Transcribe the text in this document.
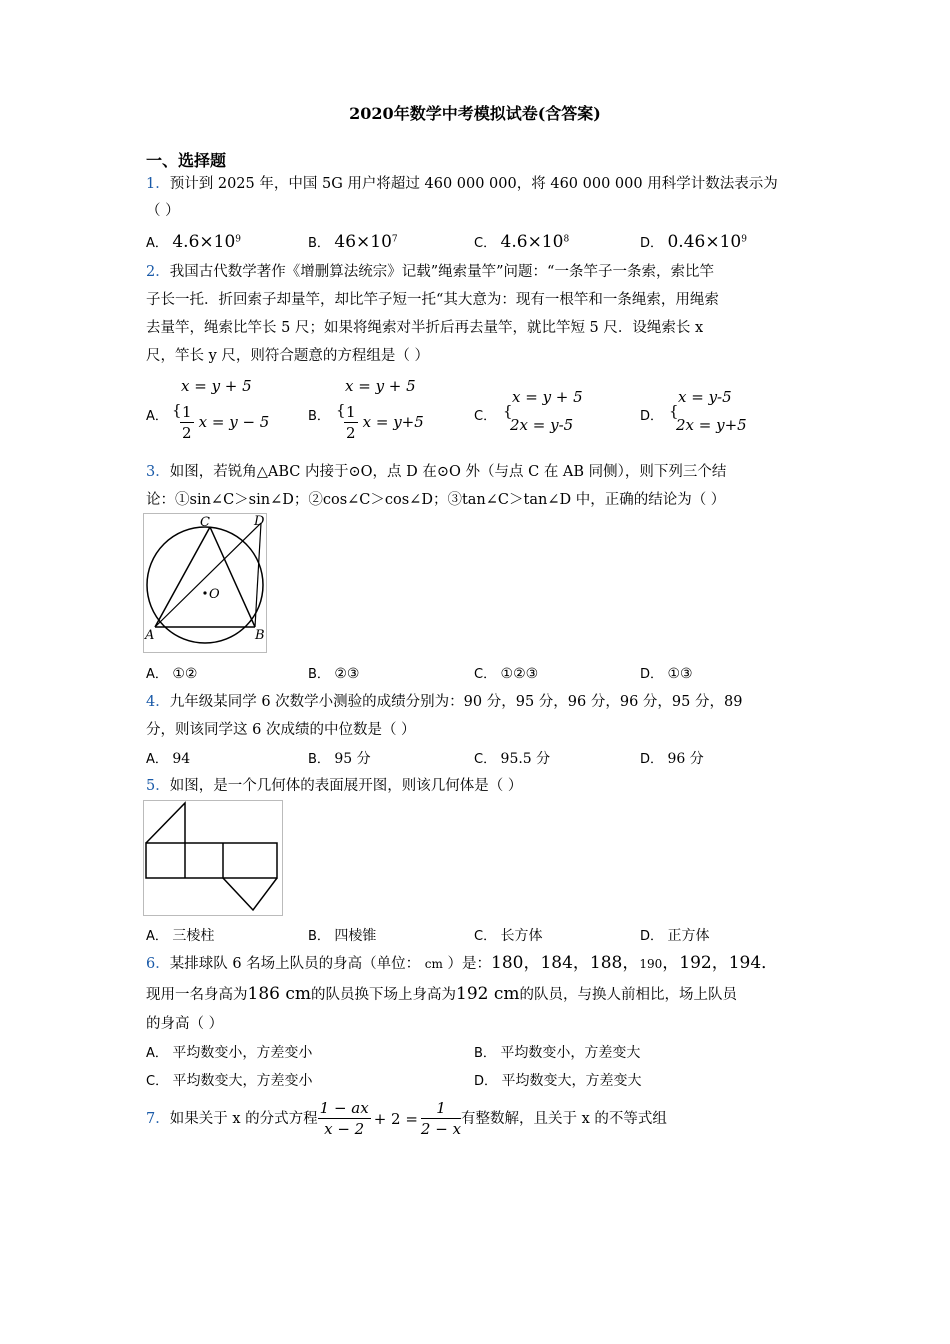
2020年数学中考模拟试卷(含答案)
一、选择题
1．预计到 2025 年，中国 5G 用户将超过 460 000 000，将 460 000 000 用科学计数法表示为
（ ）
A． $4.6\times 10^9$	B． $46\times 10^7$	C． $4.6\times 10^8$	D． $0.46\times 10^9$
2．我国古代数学著作《增删算法统宗》记载”绳索量竿”问题：“一条竿子一条索，索比竿
子长一托．折回索子却量竿，却比竿子短一托“其大意为：现有一根竿和一条绳索，用绳索
去量竿，绳索比竿长 5 尺；如果将绳索对半折后再去量竿，就比竿短 5 尺．设绳索长 x
尺，竿长 y 尺，则符合题意的方程组是（ ）
A．
x = y + 5
{
$\frac{1}{2}$ x = y − 5	B．
x = y + 5
{
$\frac{1}{2}$ x = y+5	C． {
x = y + 5
2x = y-5	D． {
x = y-5
2x = y+5
3．如图，若锐角△ABC 内接于⊙O，点 D 在⊙O 外（与点 C 在 AB 同侧），则下列三个结
论：①sin∠C＞sin∠D；②cos∠C＞cos∠D；③tan∠C＞tan∠D 中，正确的结论为（ ）
C	D
O
A	B
A． ①②	B． ②③	C． ①②③	D． ①③
4．九年级某同学 6 次数学小测验的成绩分别为：90 分，95 分，96 分，96 分，95 分，89
分，则该同学这 6 次成绩的中位数是（ ）
A． 94	B． 95 分	C． 95.5 分	D． 96 分
5．如图，是一个几何体的表面展开图，则该几何体是（ ）
A． 三棱柱	B． 四棱锥	C． 长方体	D． 正方体
6．某排球队 6 名场上队员的身高（单位： cm ）是：180，184，188，190，192，194．
现用一名身高为186 cm的队员换下场上身高为192 cm的队员，与换人前相比，场上队员
的身高（ ）
A． 平均数变小，方差变小	B． 平均数变小，方差变大
C． 平均数变大，方差变小	D． 平均数变大，方差变大
7． 如果关于 x 的分式方程 $\frac{1 - ax}{x - 2} + 2 = \frac{1}{2 - x}$ 有整数解，且关于 x 的不等式组
